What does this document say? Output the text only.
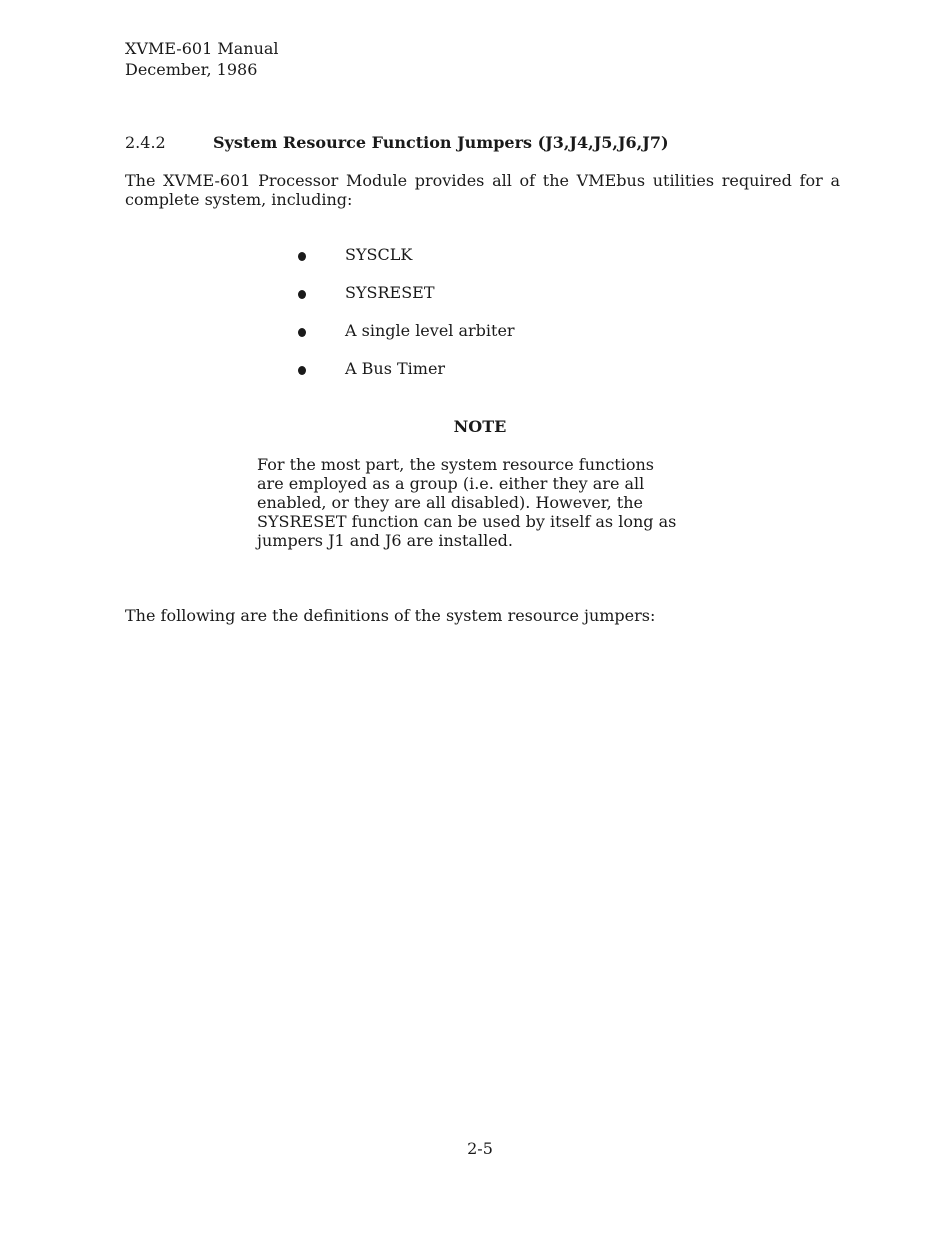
XVME-601 Manual
December, 1986
2.4.2	System Resource Function Jumpers (J3,J4,J5,J6,J7)
The XVME-601 Processor Module provides all of the VMEbus utilities required for a complete system, including:
SYSCLK
SYSRESET
A single level arbiter
A Bus Timer
NOTE
For the most part, the system resource functions
are employed as a group (i.e. either they are all
enabled, or they are all disabled). However, the
SYSRESET function can be used by itself as long as
jumpers J1 and J6 are installed.
The following are the definitions of the system resource jumpers:
2-5
